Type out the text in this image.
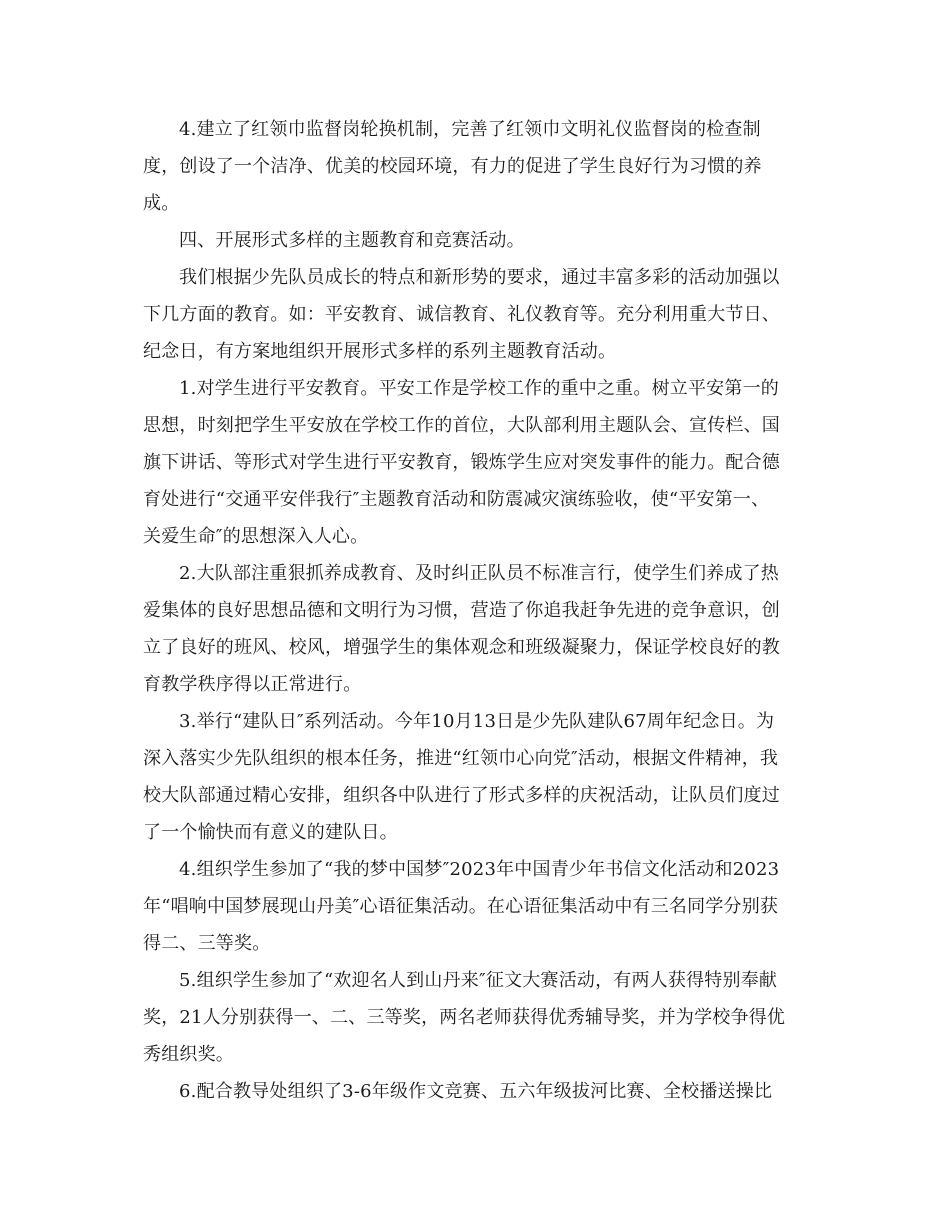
4.建立了红领巾监督岗轮换机制，完善了红领巾文明礼仪监督岗的检查制
度，创设了一个洁净、优美的校园环境，有力的促进了学生良好行为习惯的养
成。
四、开展形式多样的主题教育和竞赛活动。
我们根据少先队员成长的特点和新形势的要求，通过丰富多彩的活动加强以
下几方面的教育。如：平安教育、诚信教育、礼仪教育等。充分利用重大节日、
纪念日，有方案地组织开展形式多样的系列主题教育活动。
1.对学生进行平安教育。平安工作是学校工作的重中之重。树立平安第一的
思想，时刻把学生平安放在学校工作的首位，大队部利用主题队会、宣传栏、国
旗下讲话、等形式对学生进行平安教育，锻炼学生应对突发事件的能力。配合德
育处进行“交通平安伴我行″主题教育活动和防震减灾演练验收，使“平安第一、
关爱生命″的思想深入人心。
2.大队部注重狠抓养成教育、及时纠正队员不标准言行，使学生们养成了热
爱集体的良好思想品德和文明行为习惯，营造了你追我赶争先进的竞争意识，创
立了良好的班风、校风，增强学生的集体观念和班级凝聚力，保证学校良好的教
育教学秩序得以正常进行。
3.举行“建队日″系列活动。今年10月13日是少先队建队67周年纪念日。为
深入落实少先队组织的根本任务，推进“红领巾心向党″活动，根据文件精神，我
校大队部通过精心安排，组织各中队进行了形式多样的庆祝活动，让队员们度过
了一个愉快而有意义的建队日。
4.组织学生参加了“我的梦中国梦″2023年中国青少年书信文化活动和2023
年“唱响中国梦展现山丹美″心语征集活动。在心语征集活动中有三名同学分别获
得二、三等奖。
5.组织学生参加了“欢迎名人到山丹来″征文大赛活动，有两人获得特别奉献
奖，21人分别获得一、二、三等奖，两名老师获得优秀辅导奖，并为学校争得优
秀组织奖。
6.配合教导处组织了3-6年级作文竞赛、五六年级拔河比赛、全校播送操比
